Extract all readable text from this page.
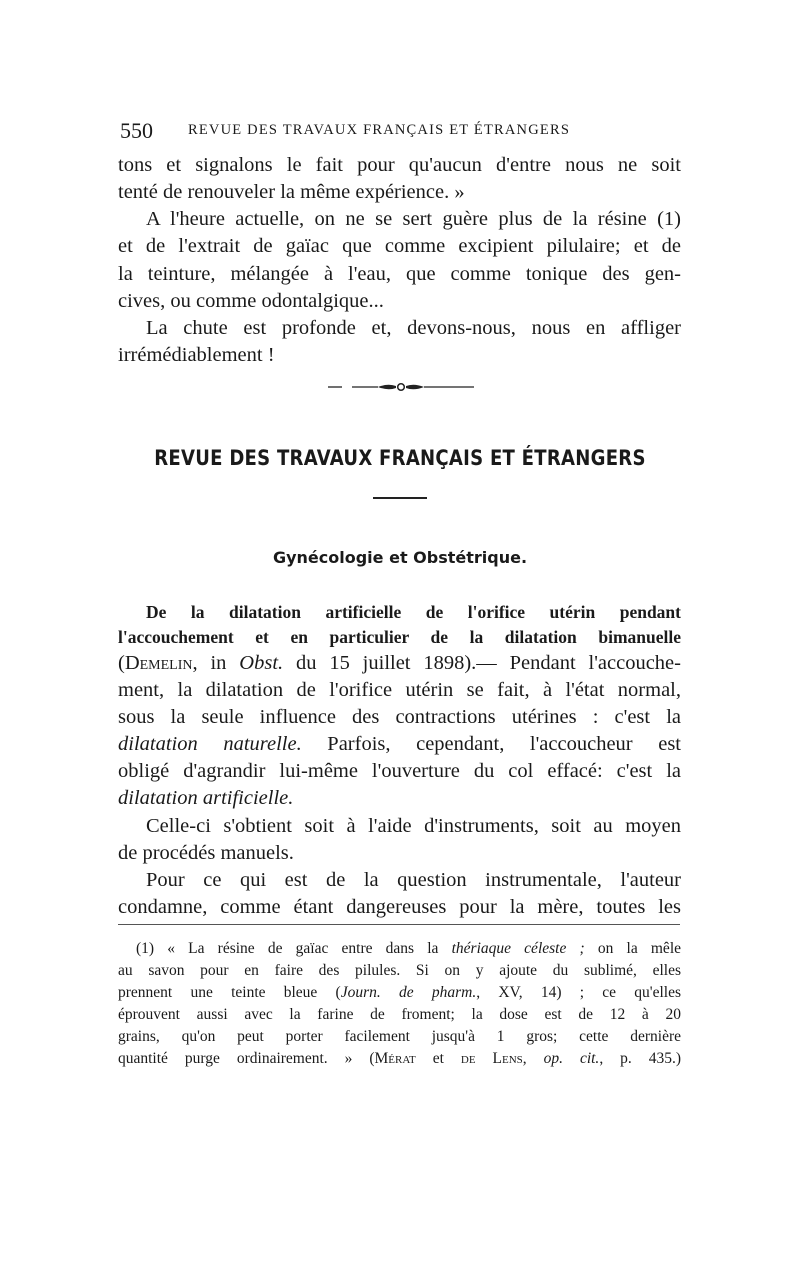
550 REVUE DES TRAVAUX FRANÇAIS ET ÉTRANGERS
tons et signalons le fait pour qu'aucun d'entre nous ne soit
tenté de renouveler la même expérience. »
A l'heure actuelle, on ne se sert guère plus de la résine (1)
et de l'extrait de gaïac que comme excipient pilulaire; et de
la teinture, mélangée à l'eau, que comme tonique des gen-
cives, ou comme odontalgique...
La chute est profonde et, devons-nous, nous en affliger
irrémédiablement !
REVUE DES TRAVAUX FRANÇAIS ET ÉTRANGERS
Gynécologie et Obstétrique.
De la dilatation artificielle de l'orifice utérin pendant
l'accouchement et en particulier de la dilatation bimanuelle
(Demelin, in Obst. du 15 juillet 1898).— Pendant l'accouche-
ment, la dilatation de l'orifice utérin se fait, à l'état normal,
sous la seule influence des contractions utérines : c'est la
dilatation naturelle. Parfois, cependant, l'accoucheur est
obligé d'agrandir lui-même l'ouverture du col effacé: c'est la
dilatation artificielle.
Celle-ci s'obtient soit à l'aide d'instruments, soit au moyen
de procédés manuels.
Pour ce qui est de la question instrumentale, l'auteur
condamne, comme étant dangereuses pour la mère, toutes les
(1) « La résine de gaïac entre dans la thériaque céleste ; on la mêle
au savon pour en faire des pilules. Si on y ajoute du sublimé, elles
prennent une teinte bleue (Journ. de pharm., XV, 14) ; ce qu'elles
éprouvent aussi avec la farine de froment; la dose est de 12 à 20
grains, qu'on peut porter facilement jusqu'à 1 gros; cette dernière
quantité purge ordinairement. » (Mérat et de Lens, op. cit., p. 435.)
